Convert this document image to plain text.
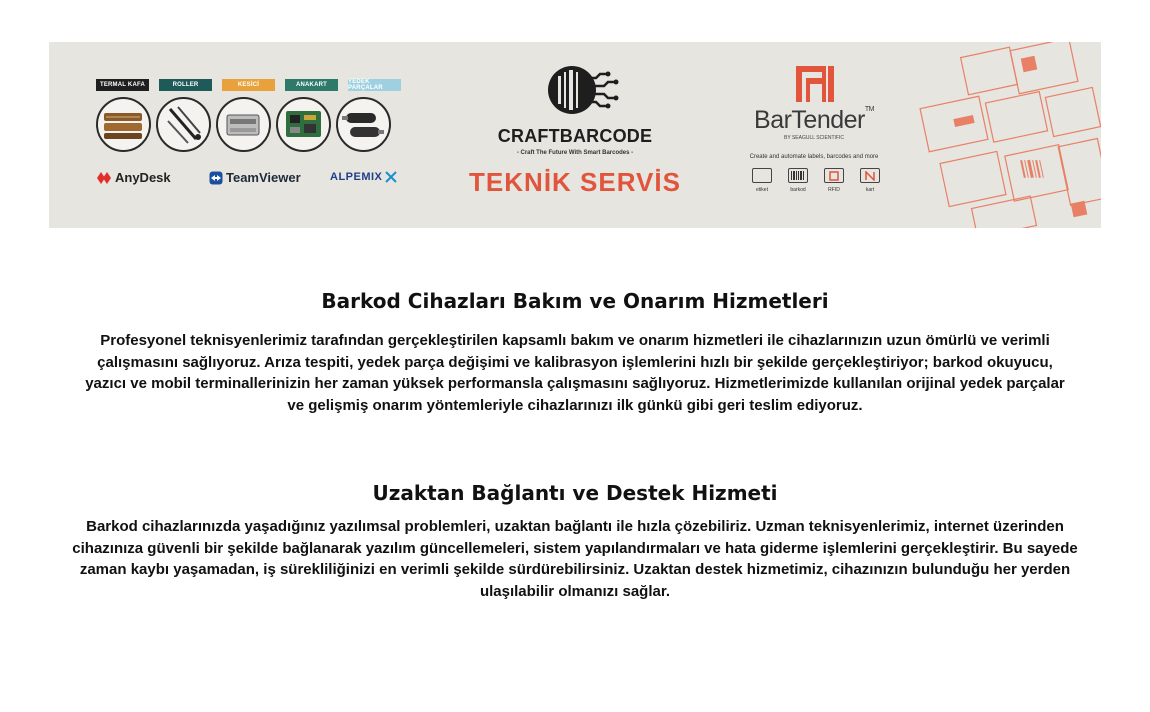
TERMAL KAFA	ROLLER	KESİCİ	ANAKART	YEDEK PARÇALAR
AnyDesk	TeamViewer	ALPEMIX
CRAFTBARCODE
- Craft The Future With Smart Barcodes -
TEKNİK SERVİS
BarTender™
BY SEAGULL SCIENTIFIC
Create and automate labels, barcodes and more
etiket	barkod	RFID	kart
Barkod Cihazları Bakım ve Onarım Hizmetleri

Profesyonel teknisyenlerimiz tarafından gerçekleştirilen kapsamlı bakım ve onarım hizmetleri ile cihazlarınızın uzun ömürlü ve verimli çalışmasını sağlıyoruz. Arıza tespiti, yedek parça değişimi ve kalibrasyon işlemlerini hızlı bir şekilde gerçekleştiriyor; barkod okuyucu, yazıcı ve mobil terminallerinizin her zaman yüksek performansla çalışmasını sağlıyoruz. Hizmetlerimizde kullanılan orijinal yedek parçalar ve gelişmiş onarım yöntemleriyle cihazlarınızı ilk günkü gibi geri teslim ediyoruz.

Uzaktan Bağlantı ve Destek Hizmeti

Barkod cihazlarınızda yaşadığınız yazılımsal problemleri, uzaktan bağlantı ile hızla çözebiliriz. Uzman teknisyenlerimiz, internet üzerinden cihazınıza güvenli bir şekilde bağlanarak yazılım güncellemeleri, sistem yapılandırmaları ve hata giderme işlemlerini gerçekleştirir. Bu sayede zaman kaybı yaşamadan, iş sürekliliğinizi en verimli şekilde sürdürebilirsiniz. Uzaktan destek hizmetimiz, cihazınızın bulunduğu her yerden ulaşılabilir olmanızı sağlar.
